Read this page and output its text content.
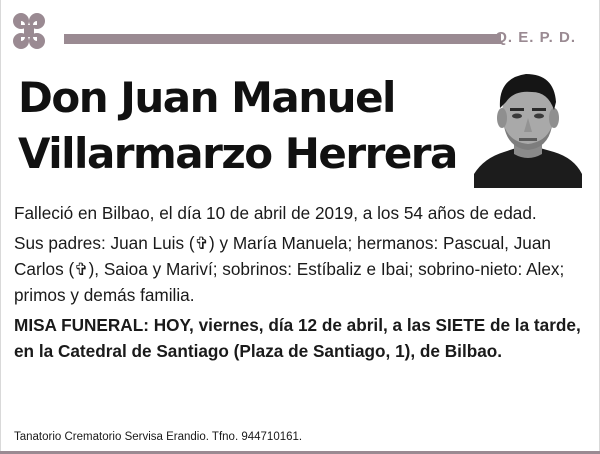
Q. E. P. D.
Don Juan Manuel
Villarmarzo Herrera

Falleció en Bilbao, el día 10 de abril de 2019, a los 54 años de edad.

Sus padres: Juan Luis (✞) y María Manuela; hermanos: Pascual, Juan Carlos (✞), Saioa y Mariví; sobrinos: Estíbaliz e Ibai; sobrino-nieto: Alex; primos y demás familia.

MISA FUNERAL: HOY, viernes, día 12 de abril, a las SIETE de la tarde, en la Catedral de Santiago (Plaza de Santiago, 1), de Bilbao.

Tanatorio Crematorio Servisa Erandio. Tfno. 944710161.
